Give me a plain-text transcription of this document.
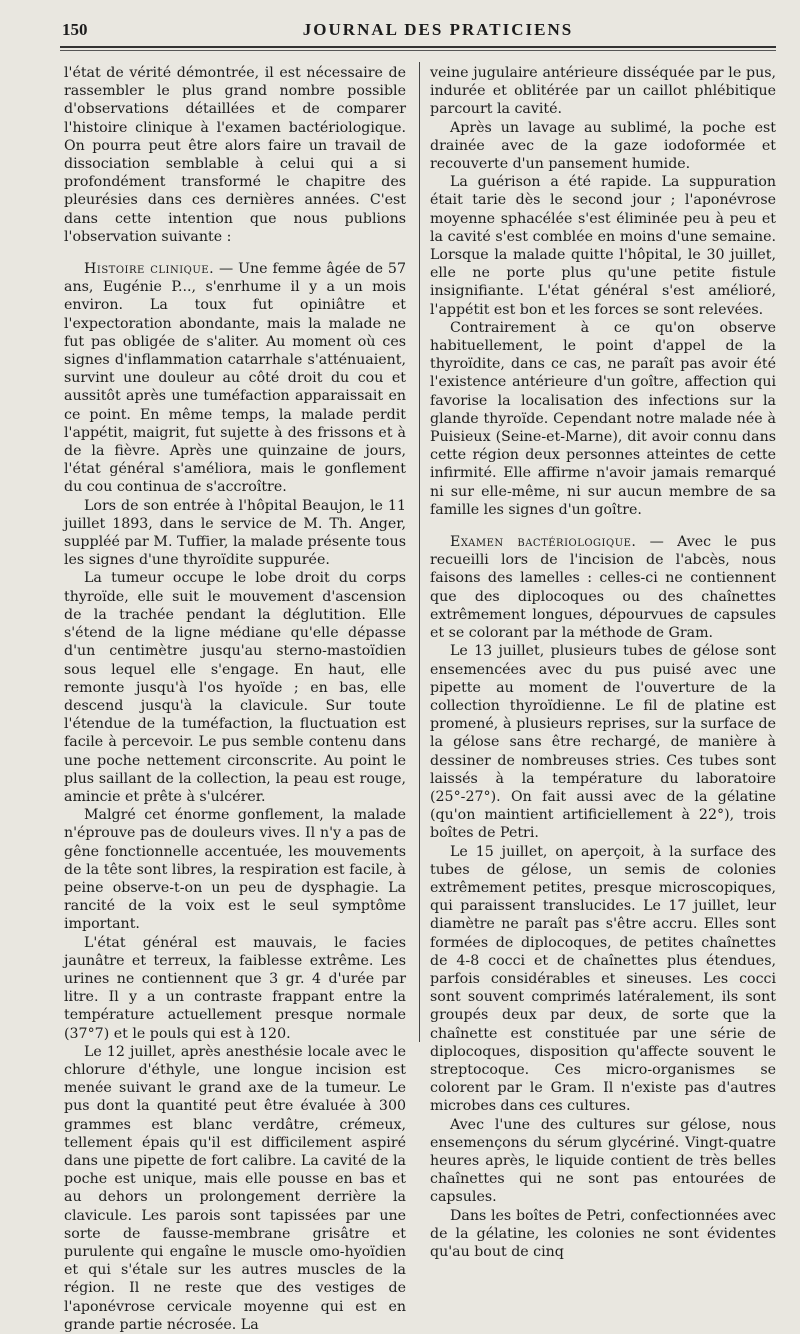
150	JOURNAL DES PRATICIENS

l'état de vérité démontrée, il est nécessaire de rassembler le plus grand nombre possible d'observations détaillées et de comparer l'histoire clinique à l'examen bactériologique. On pourra peut être alors faire un travail de dissociation semblable à celui qui a si profondément transformé le chapitre des pleurésies dans ces dernières années. C'est dans cette intention que nous publions l'observation suivante :

Histoire clinique. — Une femme âgée de 57 ans, Eugénie P..., s'enrhume il y a un mois environ. La toux fut opiniâtre et l'expectoration abondante, mais la malade ne fut pas obligée de s'aliter. Au moment où ces signes d'inflammation catarrhale s'atténuaient, survint une douleur au côté droit du cou et aussitôt après une tuméfaction apparaissait en ce point. En même temps, la malade perdit l'appétit, maigrit, fut sujette à des frissons et à de la fièvre. Après une quinzaine de jours, l'état général s'améliora, mais le gonflement du cou continua de s'accroître.

Lors de son entrée à l'hôpital Beaujon, le 11 juillet 1893, dans le service de M. Th. Anger, suppléé par M. Tuffier, la malade présente tous les signes d'une thyroïdite suppurée.

La tumeur occupe le lobe droit du corps thyroïde, elle suit le mouvement d'ascension de la trachée pendant la déglutition. Elle s'étend de la ligne médiane qu'elle dépasse d'un centimètre jusqu'au sterno-mastoïdien sous lequel elle s'engage. En haut, elle remonte jusqu'à l'os hyoïde ; en bas, elle descend jusqu'à la clavicule. Sur toute l'étendue de la tuméfaction, la fluctuation est facile à percevoir. Le pus semble contenu dans une poche nettement circonscrite. Au point le plus saillant de la collection, la peau est rouge, amincie et prête à s'ulcérer.

Malgré cet énorme gonflement, la malade n'éprouve pas de douleurs vives. Il n'y a pas de gêne fonctionnelle accentuée, les mouvements de la tête sont libres, la respiration est facile, à peine observe-t-on un peu de dysphagie. La rancité de la voix est le seul symptôme important.

L'état général est mauvais, le facies jaunâtre et terreux, la faiblesse extrême. Les urines ne contiennent que 3 gr. 4 d'urée par litre. Il y a un contraste frappant entre la température actuellement presque normale (37°7) et le pouls qui est à 120.

Le 12 juillet, après anesthésie locale avec le chlorure d'éthyle, une longue incision est menée suivant le grand axe de la tumeur. Le pus dont la quantité peut être évaluée à 300 grammes est blanc verdâtre, crémeux, tellement épais qu'il est difficilement aspiré dans une pipette de fort calibre. La cavité de la poche est unique, mais elle pousse en bas et au dehors un prolongement derrière la clavicule. Les parois sont tapissées par une sorte de fausse-membrane grisâtre et purulente qui engaîne le muscle omo-hyoïdien et qui s'étale sur les autres muscles de la région. Il ne reste que des vestiges de l'aponévrose cervicale moyenne qui est en grande partie nécrosée. La

veine jugulaire antérieure disséquée par le pus, indurée et oblitérée par un caillot phlébitique parcourt la cavité.

Après un lavage au sublimé, la poche est drainée avec de la gaze iodoformée et recouverte d'un pansement humide.

La guérison a été rapide. La suppuration était tarie dès le second jour ; l'aponévrose moyenne sphacélée s'est éliminée peu à peu et la cavité s'est comblée en moins d'une semaine. Lorsque la malade quitte l'hôpital, le 30 juillet, elle ne porte plus qu'une petite fistule insignifiante. L'état général s'est amélioré, l'appétit est bon et les forces se sont relevées.

Contrairement à ce qu'on observe habituellement, le point d'appel de la thyroïdite, dans ce cas, ne paraît pas avoir été l'existence antérieure d'un goître, affection qui favorise la localisation des infections sur la glande thyroïde. Cependant notre malade née à Puisieux (Seine-et-Marne), dit avoir connu dans cette région deux personnes atteintes de cette infirmité. Elle affirme n'avoir jamais remarqué ni sur elle-même, ni sur aucun membre de sa famille les signes d'un goître.

Examen bactériologique. — Avec le pus recueilli lors de l'incision de l'abcès, nous faisons des lamelles : celles-ci ne contiennent que des diplocoques ou des chaînettes extrêmement longues, dépourvues de capsules et se colorant par la méthode de Gram.

Le 13 juillet, plusieurs tubes de gélose sont ensemencées avec du pus puisé avec une pipette au moment de l'ouverture de la collection thyroïdienne. Le fil de platine est promené, à plusieurs reprises, sur la surface de la gélose sans être rechargé, de manière à dessiner de nombreuses stries. Ces tubes sont laissés à la température du laboratoire (25°-27°). On fait aussi avec de la gélatine (qu'on maintient artificiellement à 22°), trois boîtes de Petri.

Le 15 juillet, on aperçoit, à la surface des tubes de gélose, un semis de colonies extrêmement petites, presque microscopiques, qui paraissent translucides. Le 17 juillet, leur diamètre ne paraît pas s'être accru. Elles sont formées de diplocoques, de petites chaînettes de 4-8 cocci et de chaînettes plus étendues, parfois considérables et sineuses. Les cocci sont souvent comprimés latéralement, ils sont groupés deux par deux, de sorte que la chaînette est constituée par une série de diplocoques, disposition qu'affecte souvent le streptocoque. Ces micro-organismes se colorent par le Gram. Il n'existe pas d'autres microbes dans ces cultures.

Avec l'une des cultures sur gélose, nous ensemençons du sérum glycériné. Vingt-quatre heures après, le liquide contient de très belles chaînettes qui ne sont pas entourées de capsules.

Dans les boîtes de Petri, confectionnées avec de la gélatine, les colonies ne sont évidentes qu'au bout de cinq
